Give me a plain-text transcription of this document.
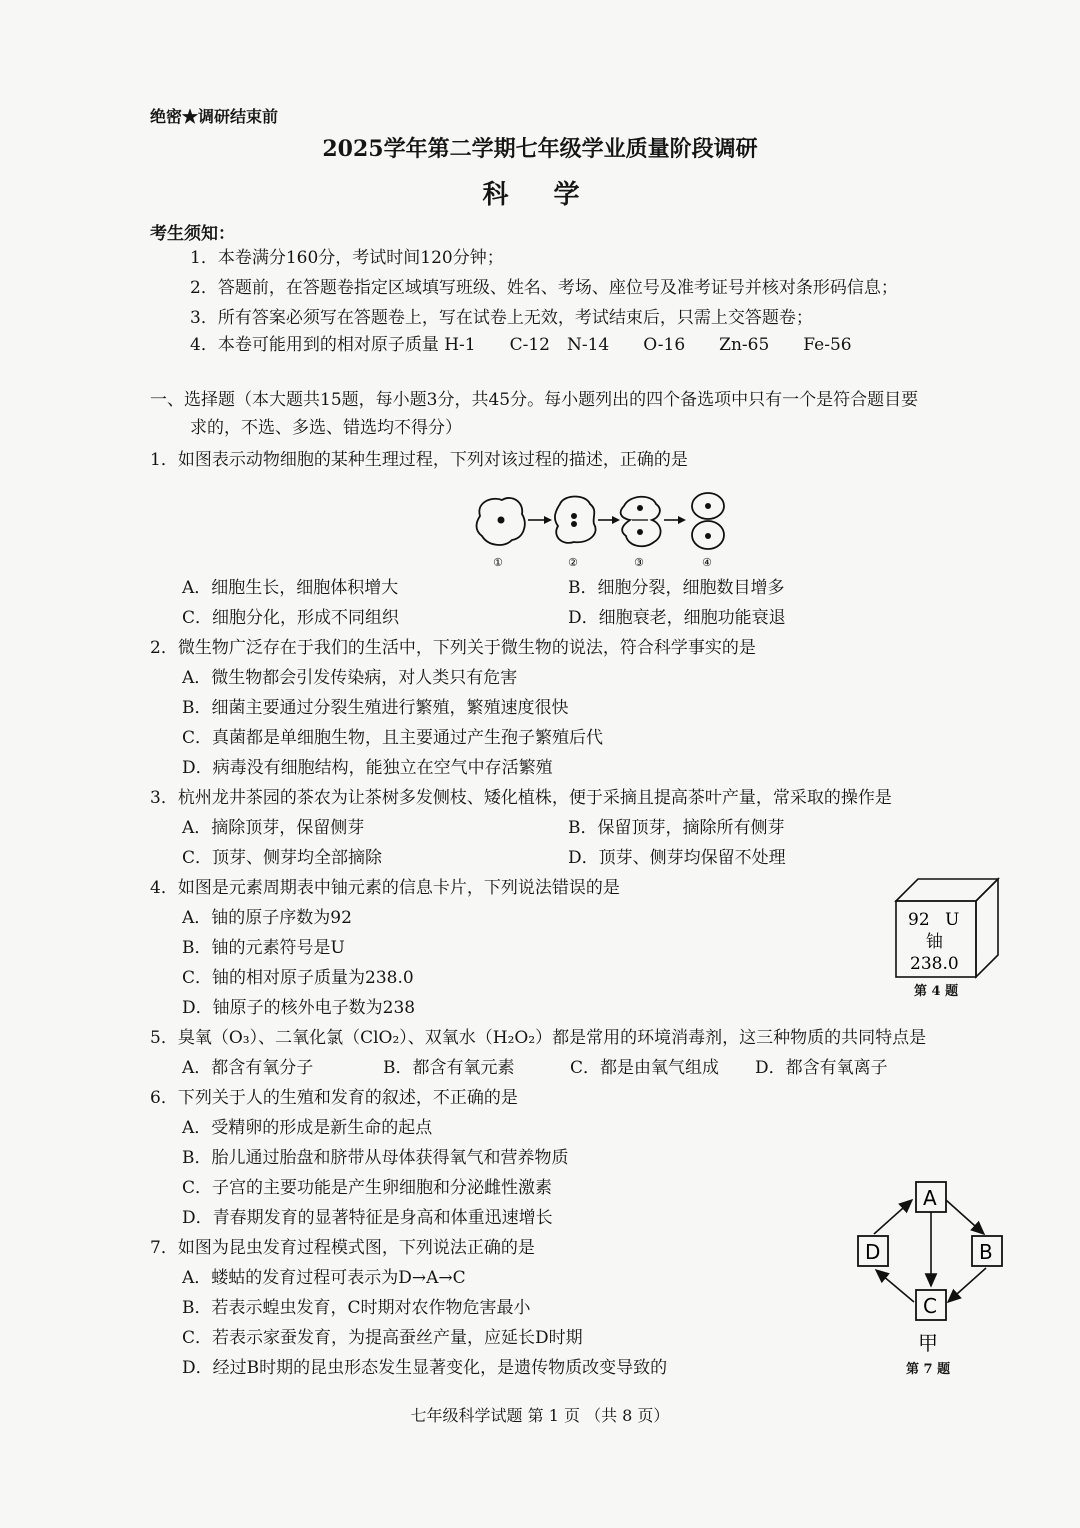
绝密★调研结束前
2025学年第二学期七年级学业质量阶段调研
科 学
考生须知：
1．本卷满分160分，考试时间120分钟；
2．答题前，在答题卷指定区域填写班级、姓名、考场、座位号及准考证号并核对条形码信息；
3．所有答案必须写在答题卷上，写在试卷上无效，考试结束后，只需上交答题卷；
4．本卷可能用到的相对原子质量 H-1　　C-12　N-14　　O-16　　Zn-65　　Fe-56
一、选择题（本大题共15题，每小题3分，共45分。每小题列出的四个备选项中只有一个是符合题目要
求的，不选、多选、错选均不得分）
1．如图表示动物细胞的某种生理过程，下列对该过程的描述，正确的是
①	②	③	④
A．细胞生长，细胞体积增大	B．细胞分裂，细胞数目增多
C．细胞分化，形成不同组织	D．细胞衰老，细胞功能衰退
2．微生物广泛存在于我们的生活中，下列关于微生物的说法，符合科学事实的是
A．微生物都会引发传染病，对人类只有危害
B．细菌主要通过分裂生殖进行繁殖，繁殖速度很快
C．真菌都是单细胞生物，且主要通过产生孢子繁殖后代
D．病毒没有细胞结构，能独立在空气中存活繁殖
3．杭州龙井茶园的茶农为让茶树多发侧枝、矮化植株，便于采摘且提高茶叶产量，常采取的操作是
A．摘除顶芽，保留侧芽	B．保留顶芽，摘除所有侧芽
C．顶芽、侧芽均全部摘除	D．顶芽、侧芽均保留不处理
4．如图是元素周期表中铀元素的信息卡片，下列说法错误的是
A．铀的原子序数为92
B．铀的元素符号是U
C．铀的相对原子质量为238.0
D．铀原子的核外电子数为238
92 U
铀
238.0
第 4 题
5．臭氧（O₃）、二氧化氯（ClO₂）、双氧水（H₂O₂）都是常用的环境消毒剂，这三种物质的共同特点是
A．都含有氧分子	B．都含有氧元素	C．都是由氧气组成 D．都含有氧离子
6．下列关于人的生殖和发育的叙述，不正确的是
A．受精卵的形成是新生命的起点
B．胎儿通过胎盘和脐带从母体获得氧气和营养物质
C．子宫的主要功能是产生卵细胞和分泌雌性激素
D．青春期发育的显著特征是身高和体重迅速增长
7．如图为昆虫发育过程模式图，下列说法正确的是
A．蝼蛄的发育过程可表示为D→A→C
B．若表示蝗虫发育，C时期对农作物危害最小
C．若表示家蚕发育，为提高蚕丝产量，应延长D时期
D．经过B时期的昆虫形态发生显著变化，是遗传物质改变导致的
A
B
C
D
甲
第 7 题
七年级科学试题 第 1 页 （共 8 页）
